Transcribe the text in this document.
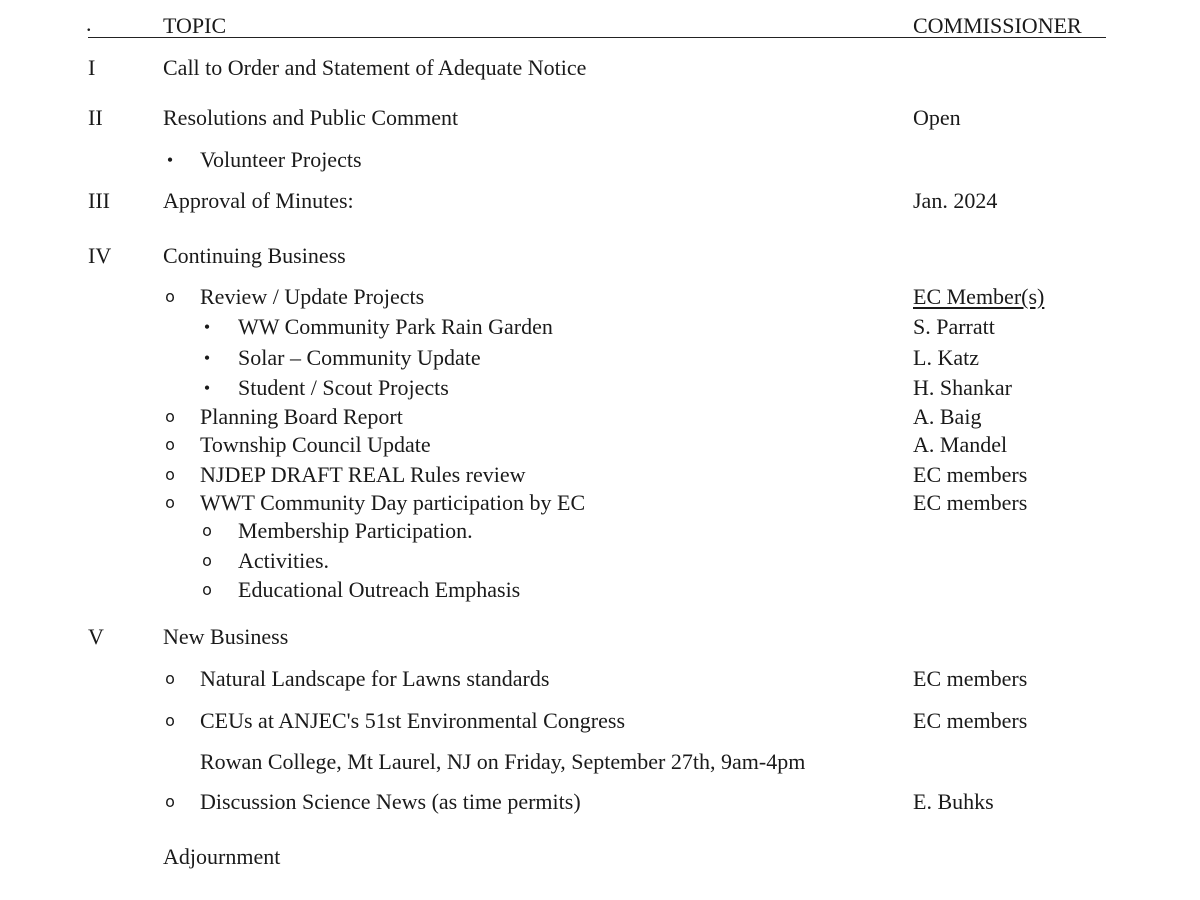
.	TOPIC	COMMISSIONER
I	Call to Order and Statement of Adequate Notice
II	Resolutions and Public Comment	Open
• Volunteer Projects
III Approval of Minutes:	Jan. 2024
IV Continuing Business
o Review / Update Projects	EC Member(s)
• WW Community Park Rain Garden	S. Parratt
• Solar – Community Update	L. Katz
• Student / Scout Projects	H. Shankar
o Planning Board Report	A. Baig
o Township Council Update	A. Mandel
o NJDEP DRAFT REAL Rules review	EC members
o WWT Community Day participation by EC	EC members
o Membership Participation.
o Activities.
o Educational Outreach Emphasis
V	New Business
o Natural Landscape for Lawns standards	EC members
o CEUs at ANJEC's 51st Environmental Congress	EC members
Rowan College, Mt Laurel, NJ on Friday, September 27th, 9am-4pm
o Discussion Science News (as time permits)	E. Buhks
Adjournment
